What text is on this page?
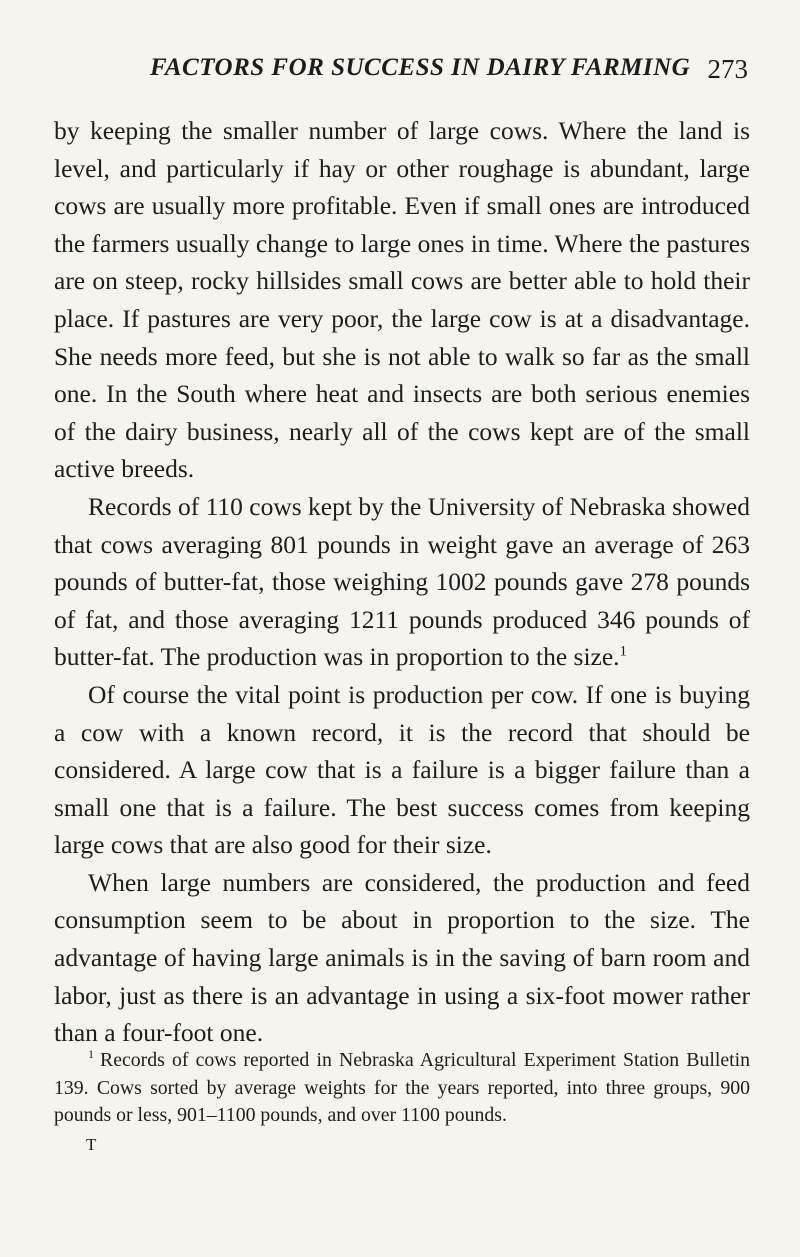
FACTORS FOR SUCCESS IN DAIRY FARMING 273

by keeping the smaller number of large cows. Where the land is level, and particularly if hay or other roughage is abundant, large cows are usually more profitable. Even if small ones are introduced the farmers usually change to large ones in time. Where the pastures are on steep, rocky hillsides small cows are better able to hold their place. If pastures are very poor, the large cow is at a disadvantage. She needs more feed, but she is not able to walk so far as the small one. In the South where heat and insects are both serious enemies of the dairy business, nearly all of the cows kept are of the small active breeds.

Records of 110 cows kept by the University of Nebraska showed that cows averaging 801 pounds in weight gave an average of 263 pounds of butter-fat, those weighing 1002 pounds gave 278 pounds of fat, and those averaging 1211 pounds produced 346 pounds of butter-fat. The production was in proportion to the size.$^1$

Of course the vital point is production per cow. If one is buying a cow with a known record, it is the record that should be considered. A large cow that is a failure is a bigger failure than a small one that is a failure. The best success comes from keeping large cows that are also good for their size.

When large numbers are considered, the production and feed consumption seem to be about in proportion to the size. The advantage of having large animals is in the saving of barn room and labor, just as there is an advantage in using a six-foot mower rather than a four-foot one.

$^1$ Records of cows reported in Nebraska Agricultural Experiment Station Bulletin 139. Cows sorted by average weights for the years reported, into three groups, 900 pounds or less, 901–1100 pounds, and over 1100 pounds.

T
